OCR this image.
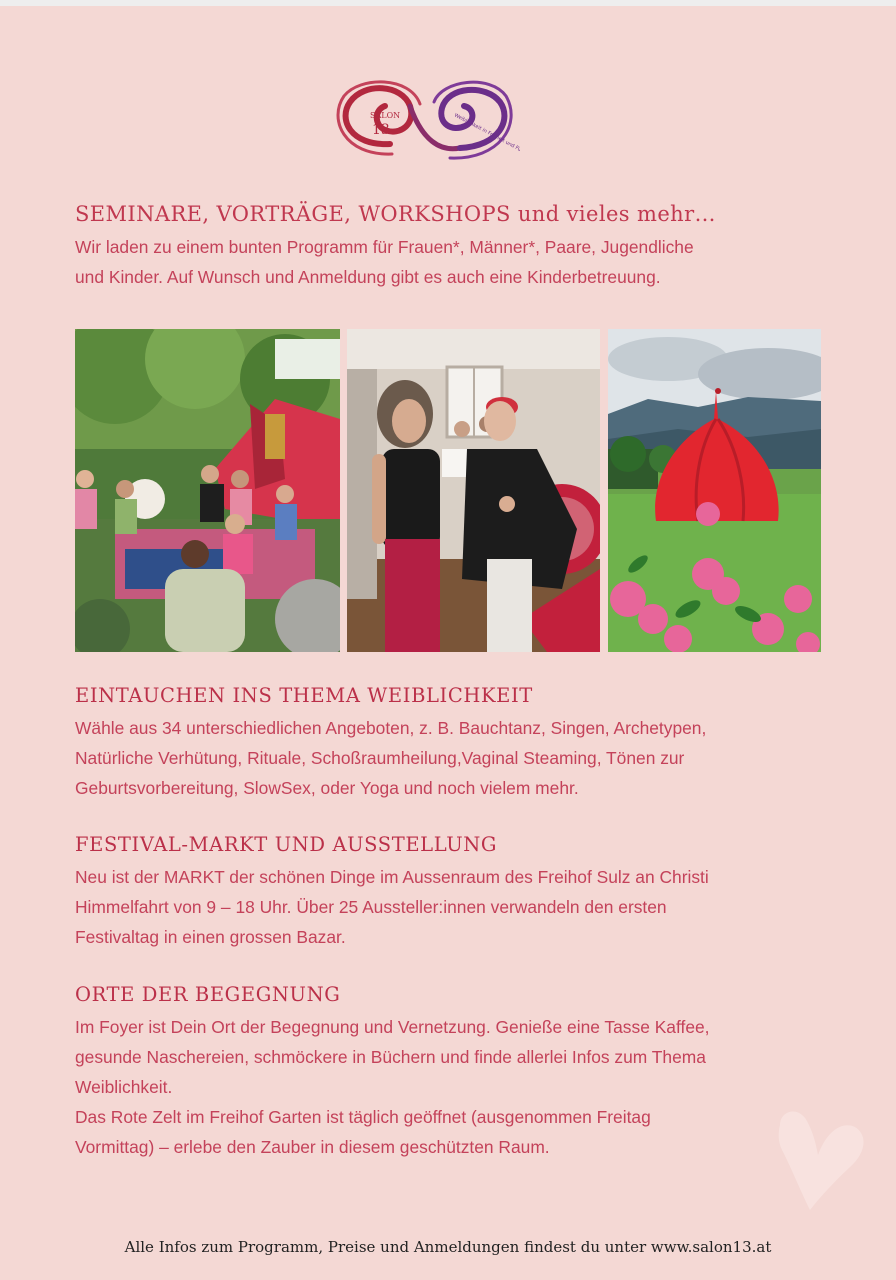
SALON
13	Weiblichkeit in Freiheit und Fülle
SEMINARE, VORTRÄGE, WORKSHOPS und vieles mehr…
Wir laden zu einem bunten Programm für Frauen*, Männer*, Paare, Jugendliche
und Kinder. Auf Wunsch und Anmeldung gibt es auch eine Kinderbetreuung.
EINTAUCHEN INS THEMA WEIBLICHKEIT
Wähle aus 34 unterschiedlichen Angeboten, z. B. Bauchtanz, Singen, Archetypen,
Natürliche Verhütung, Rituale, Schoßraumheilung,Vaginal Steaming, Tönen zur
Geburtsvorbereitung, SlowSex, oder Yoga und noch vielem mehr.
FESTIVAL-MARKT UND AUSSTELLUNG
Neu ist der MARKT der schönen Dinge im Aussenraum des Freihof Sulz an Christi
Himmelfahrt von 9 – 18 Uhr. Über 25 Aussteller:innen verwandeln den ersten
Festivaltag in einen grossen Bazar.
ORTE DER BEGEGNUNG
Im Foyer ist Dein Ort der Begegnung und Vernetzung. Genieße eine Tasse Kaffee,
gesunde Naschereien, schmöckere in Büchern und finde allerlei Infos zum Thema
Weiblichkeit.
Das Rote Zelt im Freihof Garten ist täglich geöffnet (ausgenommen Freitag
Vormittag) – erlebe den Zauber in diesem geschützten Raum.
Alle Infos zum Programm, Preise und Anmeldungen findest du unter www.salon13.at
